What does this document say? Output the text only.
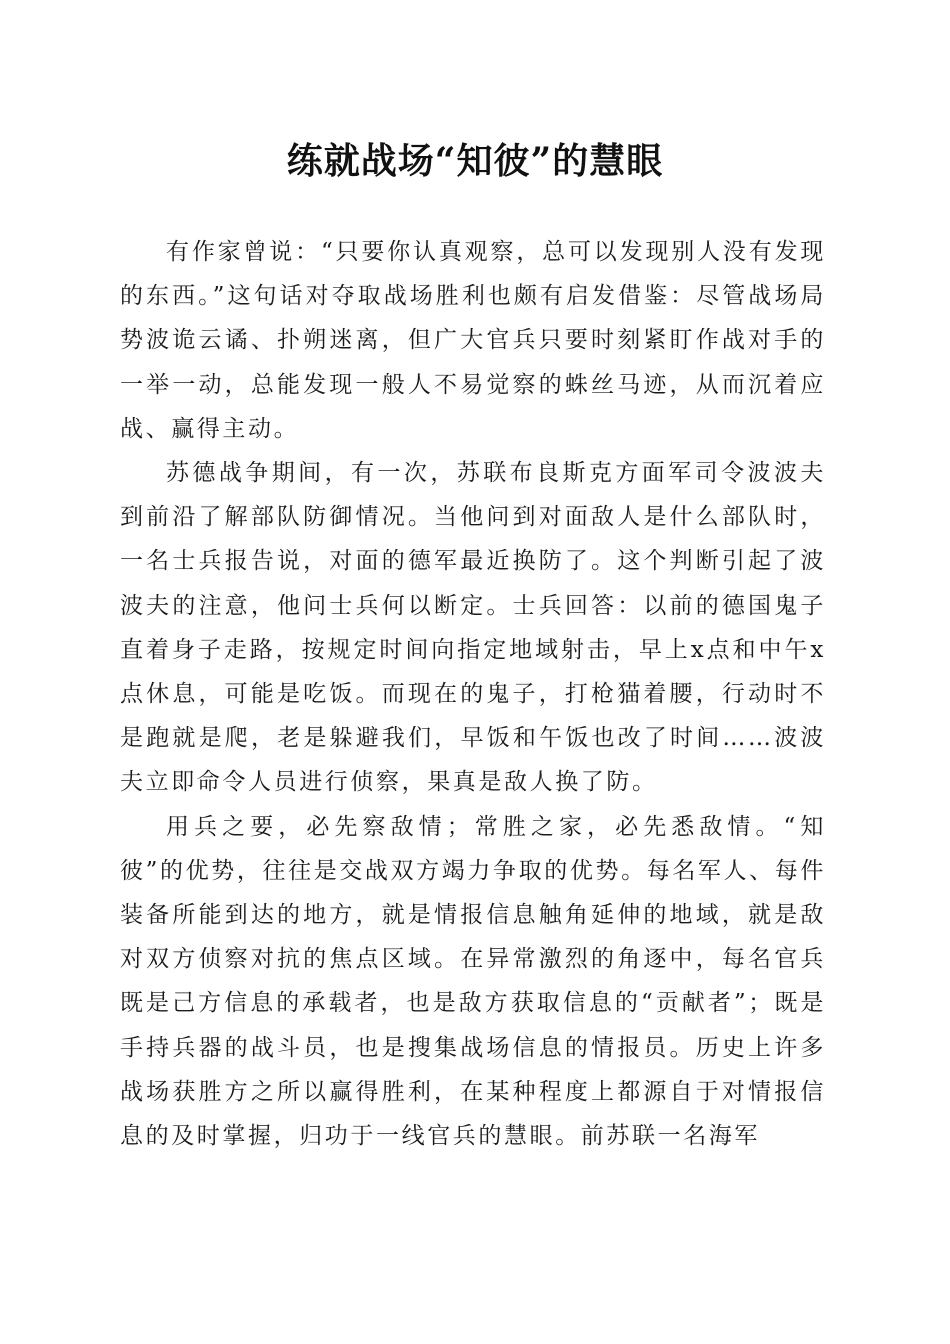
练就战场“知彼”的慧眼

有作家曾说：“只要你认真观察，总可以发现别人没有发现的东西。”这句话对夺取战场胜利也颇有启发借鉴：尽管战场局势波诡云谲、扑朔迷离，但广大官兵只要时刻紧盯作战对手的一举一动，总能发现一般人不易觉察的蛛丝马迹，从而沉着应战、赢得主动。

苏德战争期间，有一次，苏联布良斯克方面军司令波波夫到前沿了解部队防御情况。当他问到对面敌人是什么部队时，一名士兵报告说，对面的德军最近换防了。这个判断引起了波波夫的注意，他问士兵何以断定。士兵回答：以前的德国鬼子直着身子走路，按规定时间向指定地域射击，早上x点和中午x点休息，可能是吃饭。而现在的鬼子，打枪猫着腰，行动时不是跑就是爬，老是躲避我们，早饭和午饭也改了时间……波波夫立即命令人员进行侦察，果真是敌人换了防。

用兵之要，必先察敌情；常胜之家，必先悉敌情。“知彼”的优势，往往是交战双方竭力争取的优势。每名军人、每件装备所能到达的地方，就是情报信息触角延伸的地域，就是敌对双方侦察对抗的焦点区域。在异常激烈的角逐中，每名官兵既是己方信息的承载者，也是敌方获取信息的“贡献者”；既是手持兵器的战斗员，也是搜集战场信息的情报员。历史上许多战场获胜方之所以赢得胜利，在某种程度上都源自于对情报信息的及时掌握，归功于一线官兵的慧眼。前苏联一名海军
